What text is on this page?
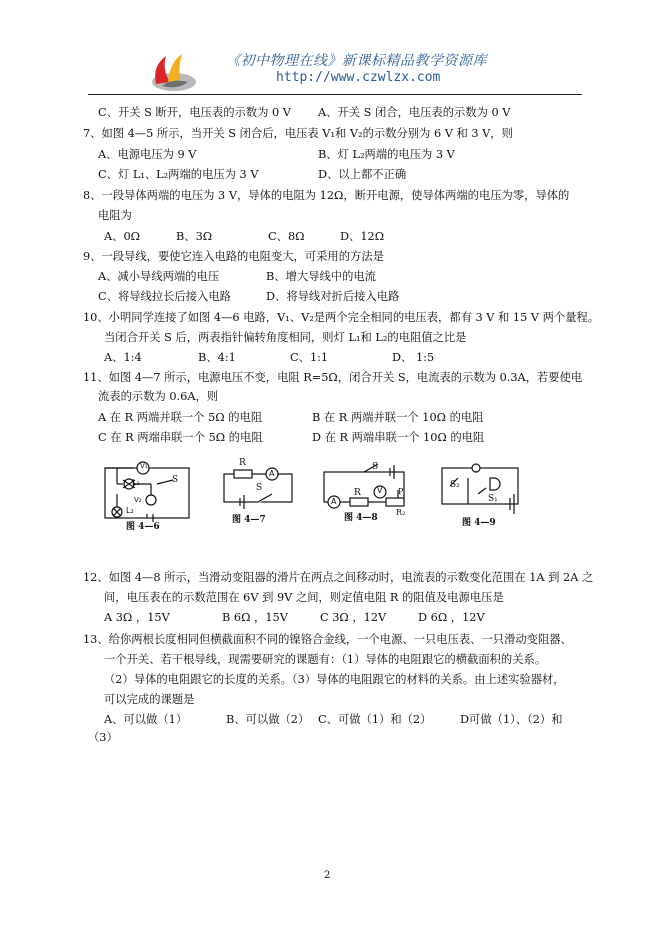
《初中物理在线》新课标精品教学资源库
http://www.czwlzx.com
C、开关 S 断开，电压表的示数为 0 V A、开关 S 闭合，电压表的示数为 0 V
7、如图 4—5 所示，当开关 S 闭合后，电压表 V₁和 V₂的示数分别为 6 V 和 3 V，则
A、电源电压为 9 V	B、灯 L₂两端的电压为 3 V
C、灯 L₁、L₂两端的电压为 3 V	D、以上都不正确
8、一段导体两端的电压为 3 V，导体的电阻为 12Ω，断开电源，使导体两端的电压为零，导体的
电阻为
A、0Ω	B、3Ω	C、8Ω	D、12Ω
9、一段导线，要使它连入电路的电阻变大，可采用的方法是
A、减小导线两端的电压	B、增大导线中的电流
C、将导线拉长后接入电路	D、将导线对折后接入电路
10、小明同学连接了如图 4—6 电路，V₁、V₂是两个完全相同的电压表，都有 3 V 和 15 V 两个量程。
当闭合开关 S 后，两表指针偏转角度相同，则灯 L₁和 L₂的电阻值之比是
A、1:4	B、4:1	C、1:1	D、 1:5
11、如图 4—7 所示，电源电压不变，电阻 R=5Ω，闭合开关 S，电流表的示数为 0.3A，若要使电
流表的示数为 0.6A，则
A 在 R 两端并联一个 5Ω 的电阻	B 在 R 两端并联一个 10Ω 的电阻
C 在 R 两端串联一个 5Ω 的电阻	D 在 R 两端串联一个 10Ω 的电阻
12、如图 4—8 所示，当滑动变阻器的滑片在两点之间移动时，电流表的示数变化范围在 1A 到 2A 之
间，电压表在的示数范围在 6V 到 9V 之间，则定值电阻 R 的阻值及电源电压是
A 3Ω ，15V	B 6Ω ，15V	C 3Ω ，12V	D 6Ω ，12V
13、给你两根长度相同但横截面积不同的镍铬合金线，一个电源、一只电压表、一只滑动变阻器、
一个开关、若干根导线，现需要研究的课题有：（1）导体的电阻跟它的横截面积的关系。
（2）导体的电阻跟它的长度的关系。（3）导体的电阻跟它的材料的关系。由上述实验器材，
可以完成的课题是
A、可以做（1）	B、可以做（2） C、可做（1）和（2）	D可做（1）、（2）和
（3）
V₁
V₂
L₁
L₂
S
图 4—6
R
A
S
图 4—7
S
A
R V P
R₂
图 4—8
S₂
S₁
图 4—9
2
